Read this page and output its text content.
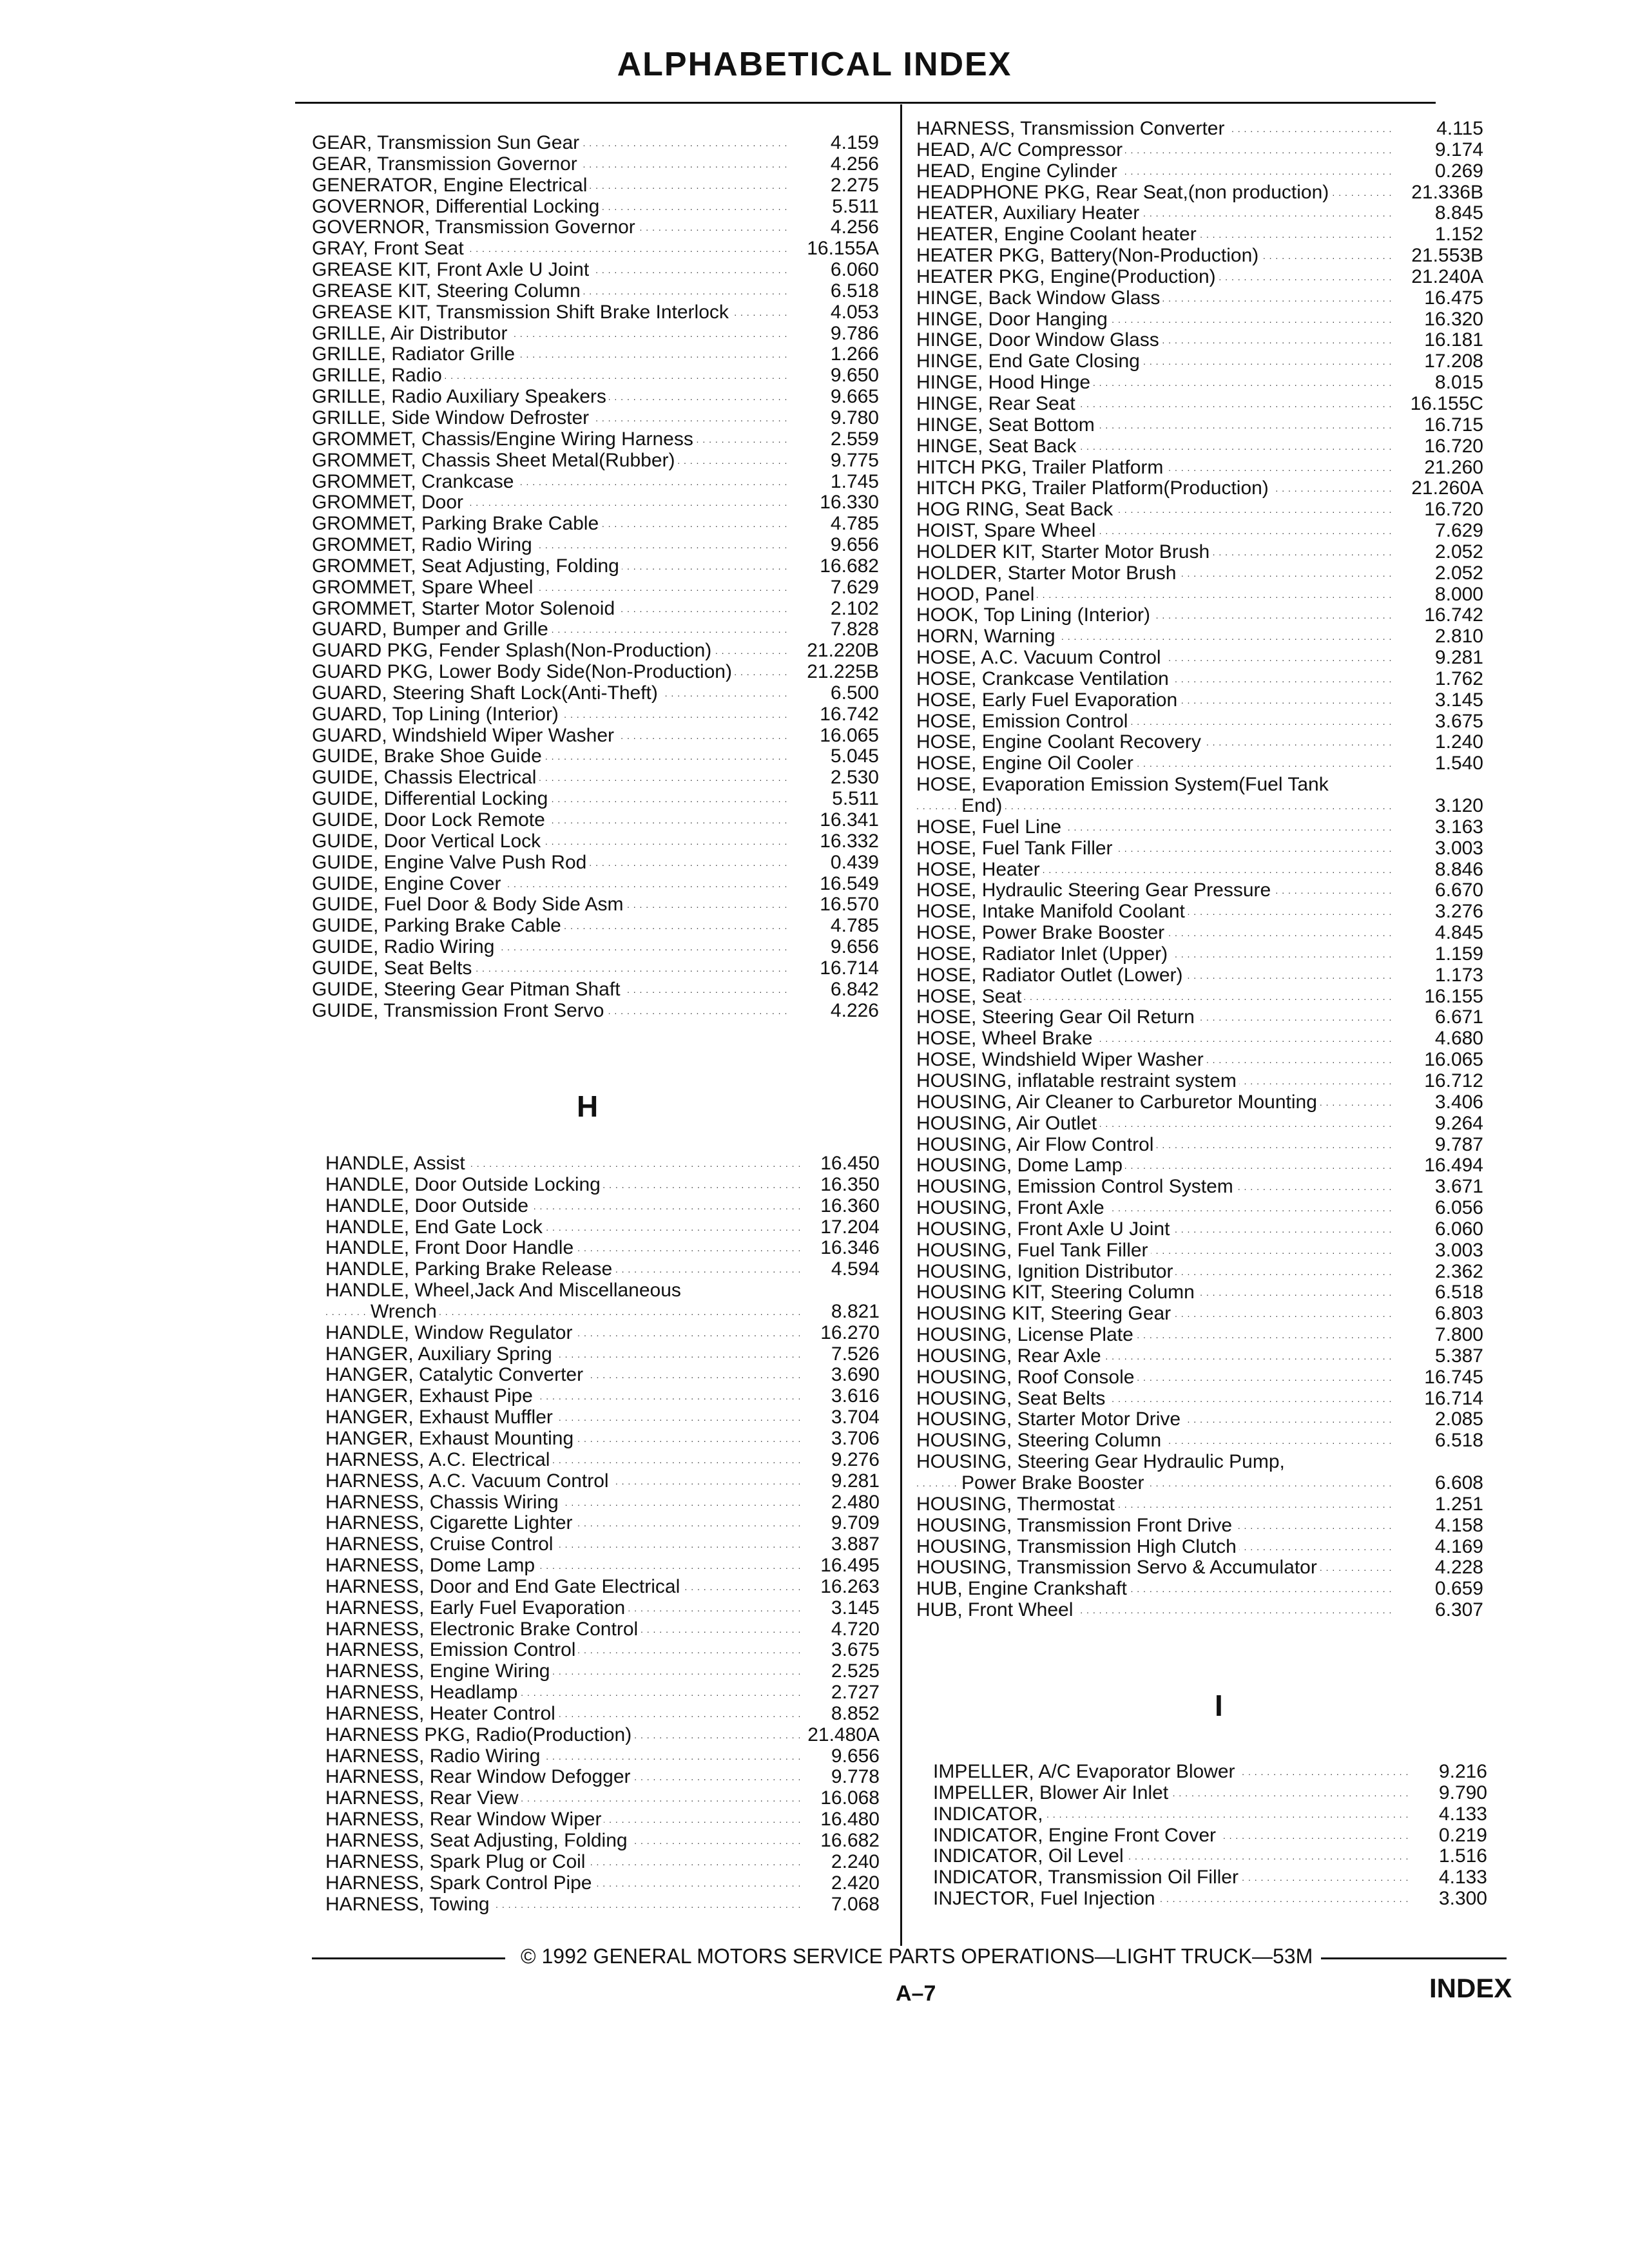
ALPHABETICAL INDEX
GEAR, Transmission Sun Gear . . .	4.159
GEAR, Transmission Governor . . .	4.256
GENERATOR, Engine Electrical . . .	2.275
GOVERNOR, Differential Locking . . .	5.511
GOVERNOR, Transmission Governor . . .	4.256
GRAY, Front Seat . . .	16.155A
GREASE KIT, Front Axle U Joint . . .	6.060
GREASE KIT, Steering Column . . .	6.518
GREASE KIT, Transmission Shift Brake Interlock . . .	4.053
GRILLE, Air Distributor . . .	9.786
GRILLE, Radiator Grille . . .	1.266
GRILLE, Radio . . .	9.650
GRILLE, Radio Auxiliary Speakers . . .	9.665
GRILLE, Side Window Defroster . . .	9.780
GROMMET, Chassis/Engine Wiring Harness . . .	2.559
GROMMET, Chassis Sheet Metal(Rubber) . . .	9.775
GROMMET, Crankcase . . .	1.745
GROMMET, Door . . .	16.330
GROMMET, Parking Brake Cable . . .	4.785
GROMMET, Radio Wiring . . .	9.656
GROMMET, Seat Adjusting, Folding . . .	16.682
GROMMET, Spare Wheel . . .	7.629
GROMMET, Starter Motor Solenoid . . .	2.102
GUARD, Bumper and Grille . . .	7.828
GUARD PKG, Fender Splash(Non-Production) . . .	21.220B
GUARD PKG, Lower Body Side(Non-Production) . . .	21.225B
GUARD, Steering Shaft Lock(Anti-Theft) . . .	6.500
GUARD, Top Lining (Interior) . . .	16.742
GUARD, Windshield Wiper Washer . . .	16.065
GUIDE, Brake Shoe Guide . . .	5.045
GUIDE, Chassis Electrical . . .	2.530
GUIDE, Differential Locking . . .	5.511
GUIDE, Door Lock Remote . . .	16.341
GUIDE, Door Vertical Lock . . .	16.332
GUIDE, Engine Valve Push Rod . . .	0.439
GUIDE, Engine Cover . . .	16.549
GUIDE, Fuel Door & Body Side Asm . . .	16.570
GUIDE, Parking Brake Cable . . .	4.785
GUIDE, Radio Wiring . . .	9.656
GUIDE, Seat Belts . . .	16.714
GUIDE, Steering Gear Pitman Shaft . . .	6.842
GUIDE, Transmission Front Servo . . .	4.226
H
HANDLE, Assist . . .	16.450
HANDLE, Door Outside Locking . . .	16.350
HANDLE, Door Outside . . .	16.360
HANDLE, End Gate Lock . . .	17.204
HANDLE, Front Door Handle . . .	16.346
HANDLE, Parking Brake Release . . .	4.594
HANDLE, Wheel,Jack And Miscellaneous
Wrench . . .	8.821
HANDLE, Window Regulator . . .	16.270
HANGER, Auxiliary Spring . . .	7.526
HANGER, Catalytic Converter . . .	3.690
HANGER, Exhaust Pipe . . .	3.616
HANGER, Exhaust Muffler . . .	3.704
HANGER, Exhaust Mounting . . .	3.706
HARNESS, A.C. Electrical . . .	9.276
HARNESS, A.C. Vacuum Control . . .	9.281
HARNESS, Chassis Wiring . . .	2.480
HARNESS, Cigarette Lighter . . .	9.709
HARNESS, Cruise Control . . .	3.887
HARNESS, Dome Lamp . . .	16.495
HARNESS, Door and End Gate Electrical . . .	16.263
HARNESS, Early Fuel Evaporation . . .	3.145
HARNESS, Electronic Brake Control . . .	4.720
HARNESS, Emission Control . . .	3.675
HARNESS, Engine Wiring . . .	2.525
HARNESS, Headlamp . . .	2.727
HARNESS, Heater Control . . .	8.852
HARNESS PKG, Radio(Production) . . .	21.480A
HARNESS, Radio Wiring . . .	9.656
HARNESS, Rear Window Defogger . . .	9.778
HARNESS, Rear View . . .	16.068
HARNESS, Rear Window Wiper . . .	16.480
HARNESS, Seat Adjusting, Folding . . .	16.682
HARNESS, Spark Plug or Coil . . .	2.240
HARNESS, Spark Control Pipe . . .	2.420
HARNESS, Towing . . .	7.068
HARNESS, Transmission Converter . . .	4.115
HEAD, A/C Compressor . . .	9.174
HEAD, Engine Cylinder . . .	0.269
HEADPHONE PKG, Rear Seat,(non production) . . .	21.336B
HEATER, Auxiliary Heater . . .	8.845
HEATER, Engine Coolant heater . . .	1.152
HEATER PKG, Battery(Non-Production) . . .	21.553B
HEATER PKG, Engine(Production) . . .	21.240A
HINGE, Back Window Glass . . .	16.475
HINGE, Door Hanging . . .	16.320
HINGE, Door Window Glass . . .	16.181
HINGE, End Gate Closing . . .	17.208
HINGE, Hood Hinge . . .	8.015
HINGE, Rear Seat . . .	16.155C
HINGE, Seat Bottom . . .	16.715
HINGE, Seat Back . . .	16.720
HITCH PKG, Trailer Platform . . .	21.260
HITCH PKG, Trailer Platform(Production) . . .	21.260A
HOG RING, Seat Back . . .	16.720
HOIST, Spare Wheel . . .	7.629
HOLDER KIT, Starter Motor Brush . . .	2.052
HOLDER, Starter Motor Brush . . .	2.052
HOOD, Panel . . .	8.000
HOOK, Top Lining (Interior) . . .	16.742
HORN, Warning . . .	2.810
HOSE, A.C. Vacuum Control . . .	9.281
HOSE, Crankcase Ventilation . . .	1.762
HOSE, Early Fuel Evaporation . . .	3.145
HOSE, Emission Control . . .	3.675
HOSE, Engine Coolant Recovery . . .	1.240
HOSE, Engine Oil Cooler . . .	1.540
HOSE, Evaporation Emission System(Fuel Tank
End) . . .	3.120
HOSE, Fuel Line . . .	3.163
HOSE, Fuel Tank Filler . . .	3.003
HOSE, Heater . . .	8.846
HOSE, Hydraulic Steering Gear Pressure . . .	6.670
HOSE, Intake Manifold Coolant . . .	3.276
HOSE, Power Brake Booster . . .	4.845
HOSE, Radiator Inlet (Upper) . . .	1.159
HOSE, Radiator Outlet (Lower) . . .	1.173
HOSE, Seat . . .	16.155
HOSE, Steering Gear Oil Return . . .	6.671
HOSE, Wheel Brake . . .	4.680
HOSE, Windshield Wiper Washer . . .	16.065
HOUSING, inflatable restraint system . . .	16.712
HOUSING, Air Cleaner to Carburetor Mounting . . .	3.406
HOUSING, Air Outlet . . .	9.264
HOUSING, Air Flow Control . . .	9.787
HOUSING, Dome Lamp . . .	16.494
HOUSING, Emission Control System . . .	3.671
HOUSING, Front Axle . . .	6.056
HOUSING, Front Axle U Joint . . .	6.060
HOUSING, Fuel Tank Filler . . .	3.003
HOUSING, Ignition Distributor . . .	2.362
HOUSING KIT, Steering Column . . .	6.518
HOUSING KIT, Steering Gear . . .	6.803
HOUSING, License Plate . . .	7.800
HOUSING, Rear Axle . . .	5.387
HOUSING, Roof Console . . .	16.745
HOUSING, Seat Belts . . .	16.714
HOUSING, Starter Motor Drive . . .	2.085
HOUSING, Steering Column . . .	6.518
HOUSING, Steering Gear Hydraulic Pump,
Power Brake Booster . . .	6.608
HOUSING, Thermostat . . .	1.251
HOUSING, Transmission Front Drive . . .	4.158
HOUSING, Transmission High Clutch . . .	4.169
HOUSING, Transmission Servo & Accumulator . . .	4.228
HUB, Engine Crankshaft . . .	0.659
HUB, Front Wheel . . .	6.307
I
IMPELLER, A/C Evaporator Blower . . .	9.216
IMPELLER, Blower Air Inlet . . .	9.790
INDICATOR, . . .	4.133
INDICATOR, Engine Front Cover . . .	0.219
INDICATOR, Oil Level . . .	1.516
INDICATOR, Transmission Oil Filler . . .	4.133
INJECTOR, Fuel Injection . . .	3.300
© 1992 GENERAL MOTORS SERVICE PARTS OPERATIONS—LIGHT TRUCK—53M
A–7	INDEX
